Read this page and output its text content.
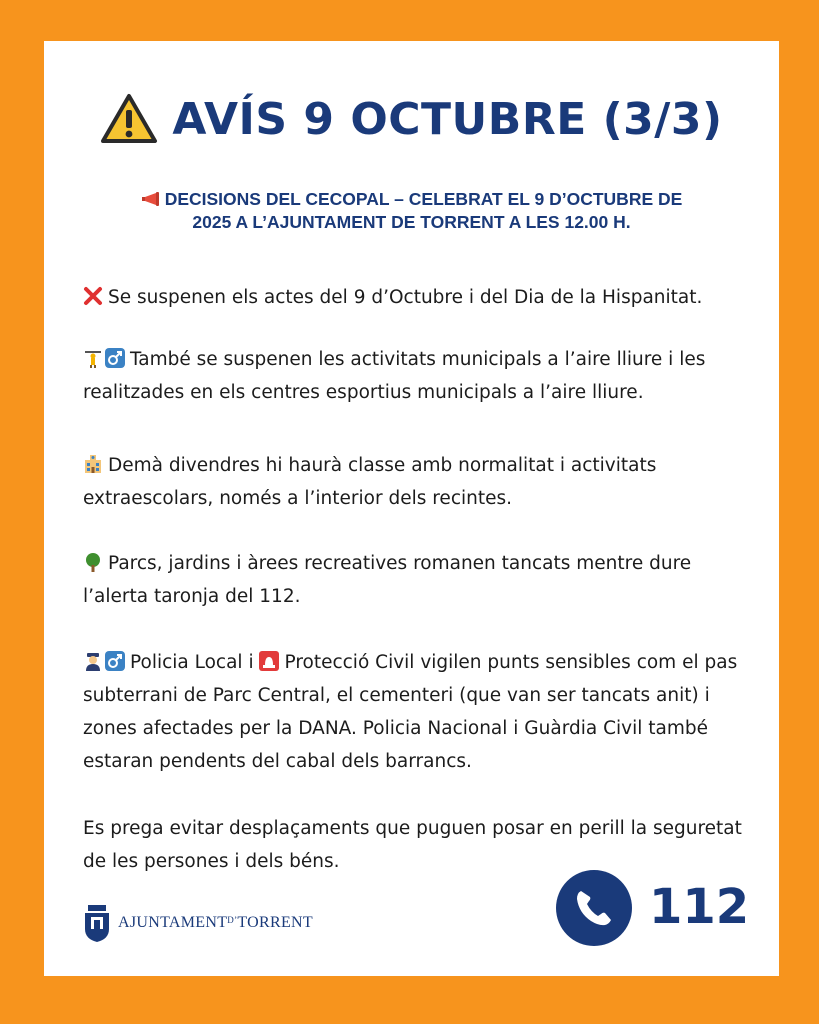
AVÍS 9 OCTUBRE (3/3)
DECISIONS DEL CECOPAL – CELEBRAT EL 9 D’OCTUBRE DE
2025 A L’AJUNTAMENT DE TORRENT A LES 12.00 H.
Se suspenen els actes del 9 d’Octubre i del Dia de la Hispanitat.
També se suspenen les activitats municipals a l’aire lliure i les realitzades en els centres esportius municipals a l’aire lliure.
Demà divendres hi haurà classe amb normalitat i activitats extraescolars, només a l’interior dels recintes.
Parcs, jardins i àrees recreatives romanen tancats mentre dure l’alerta taronja del 112.
Policia Local i Protecció Civil vigilen punts sensibles com el pas subterrani de Parc Central, el cementeri (que van ser tancats anit) i zones afectades per la DANA. Policia Nacional i Guàrdia Civil també estaran pendents del cabal dels barrancs.
Es prega evitar desplaçaments que puguen posar en perill la seguretat de les persones i dels béns.
$AJUNTAMENT^{D’}TORRENT$	112
